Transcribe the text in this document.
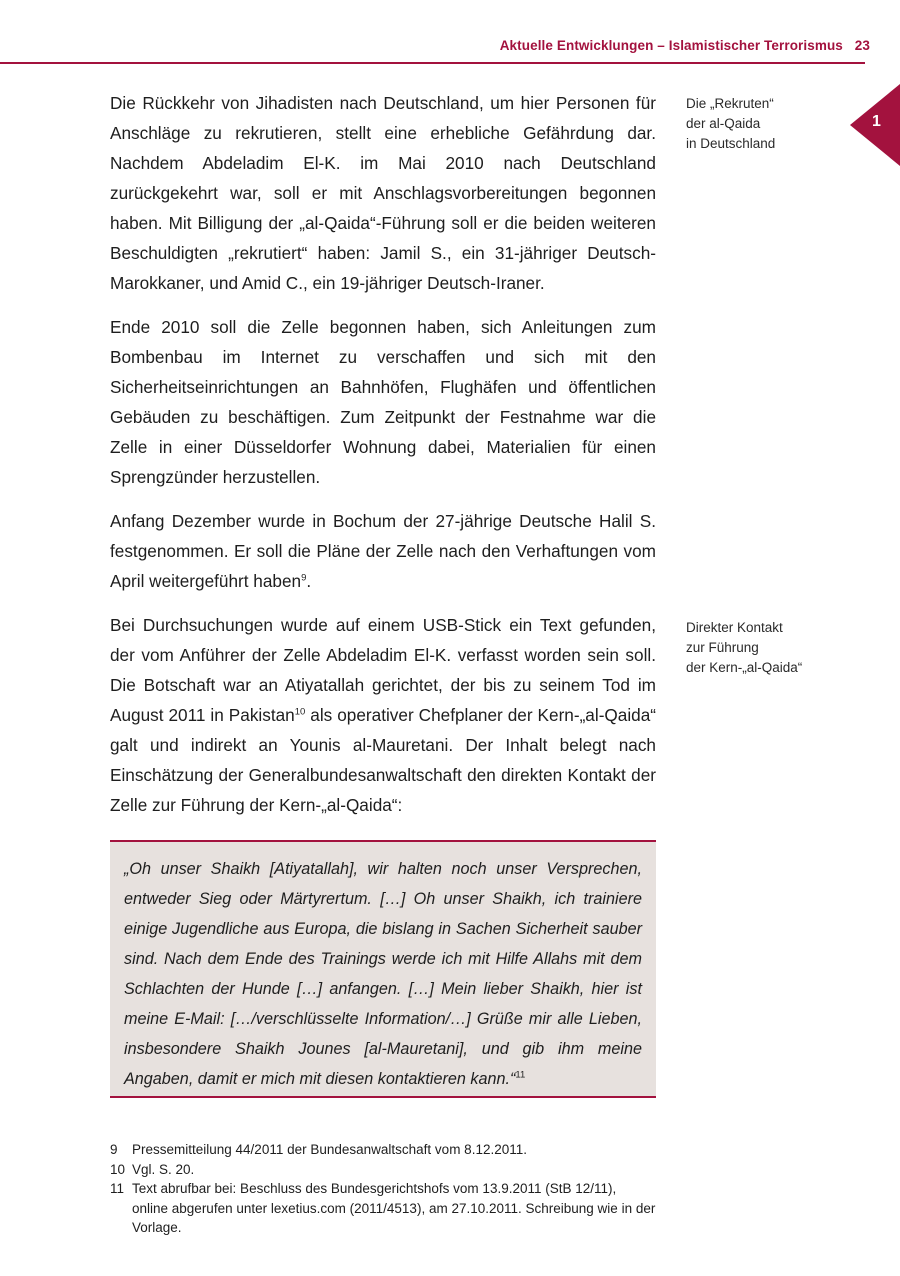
Aktuelle Entwicklungen – Islamistischer Terrorismus 23
1

Die Rückkehr von Jihadisten nach Deutschland, um hier Personen für Anschläge zu rekrutieren, stellt eine erhebliche Gefährdung dar. Nachdem Abdeladim El-K. im Mai 2010 nach Deutschland zurückgekehrt war, soll er mit Anschlagsvorbereitungen begonnen haben. Mit Billigung der „al-Qaida“-Führung soll er die beiden weiteren Beschuldigten „rekrutiert“ haben: Jamil S., ein 31-jähriger Deutsch-Marokkaner, und Amid C., ein 19-jähriger Deutsch-Iraner.

Ende 2010 soll die Zelle begonnen haben, sich Anleitungen zum Bombenbau im Internet zu verschaffen und sich mit den Sicherheitseinrichtungen an Bahnhöfen, Flughäfen und öffentlichen Gebäuden zu beschäftigen. Zum Zeitpunkt der Festnahme war die Zelle in einer Düsseldorfer Wohnung dabei, Materialien für einen Sprengzünder herzustellen.

Anfang Dezember wurde in Bochum der 27-jährige Deutsche Halil S. festgenommen. Er soll die Pläne der Zelle nach den Verhaftungen vom April weitergeführt haben$^9$.

Bei Durchsuchungen wurde auf einem USB-Stick ein Text gefunden, der vom Anführer der Zelle Abdeladim El-K. verfasst worden sein soll. Die Botschaft war an Atiyatallah gerichtet, der bis zu seinem Tod im August 2011 in Pakistan$^{10}$ als operativer Chefplaner der Kern-„al-Qaida“ galt und indirekt an Younis al-Mauretani. Der Inhalt belegt nach Einschätzung der Generalbundesanwaltschaft den direkten Kontakt der Zelle zur Führung der Kern-„al-Qaida“:

Die „Rekruten“
der al-Qaida
in Deutschland
Direkter Kontakt
zur Führung
der Kern-„al-Qaida“

„Oh unser Shaikh [Atiyatallah], wir halten noch unser Versprechen, entweder Sieg oder Märtyrertum. […] Oh unser Shaikh, ich trainiere einige Jugendliche aus Europa, die bislang in Sachen Sicherheit sauber sind. Nach dem Ende des Trainings werde ich mit Hilfe Allahs mit dem Schlachten der Hunde […] anfangen. […] Mein lieber Shaikh, hier ist meine E-Mail: […/verschlüsselte Information/…] Grüße mir alle Lieben, insbesondere Shaikh Jounes [al-Mauretani], und gib ihm meine Angaben, damit er mich mit diesen kontaktieren kann.“$^{11}$

9 Pressemitteilung 44/2011 der Bundesanwaltschaft vom 8.12.2011.
10 Vgl. S. 20.
11 Text abrufbar bei: Beschluss des Bundesgerichtshofs vom 13.9.2011 (StB 12/11), online abgerufen unter lexetius.com (2011/4513), am 27.10.2011. Schreibung wie in der Vorlage.
